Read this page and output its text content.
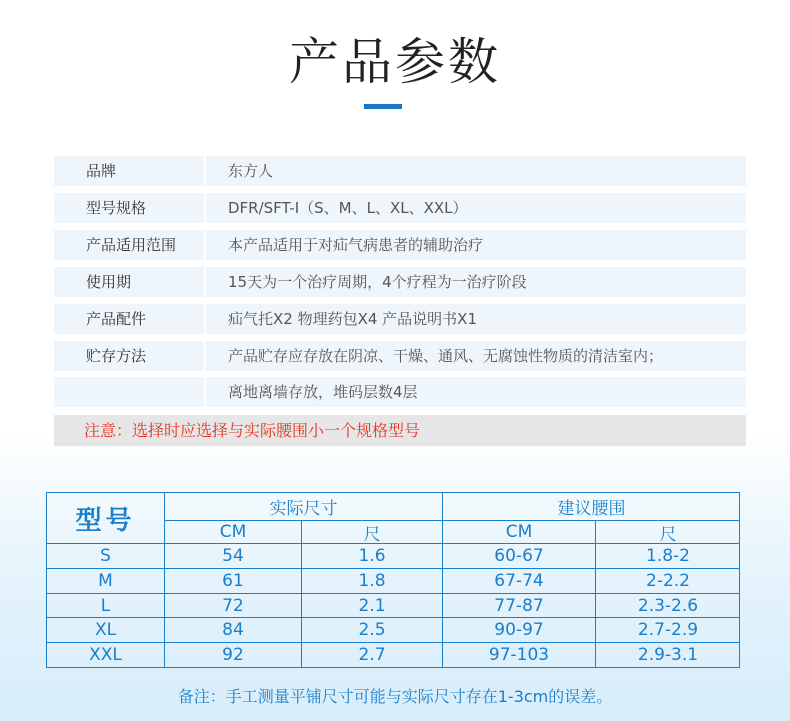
产品参数
品牌	东方人
型号规格	DFR/SFT-I（S、M、L、XL、XXL）
产品适用范围	本产品适用于对疝气病患者的辅助治疗
使用期	15天为一个治疗周期，4个疗程为一治疗阶段
产品配件	疝气托X2 物理药包X4 产品说明书X1
贮存方法	产品贮存应存放在阴凉、干燥、通风、无腐蚀性物质的清洁室内；
离地离墙存放，堆码层数4层
注意：选择时应选择与实际腰围小一个规格型号
型号	实际尺寸	建议腰围
CM	尺	CM	尺
S	54	1.6	60-67	1.8-2
M	61	1.8	67-74	2-2.2
L	72	2.1	77-87	2.3-2.6
XL	84	2.5	90-97	2.7-2.9
XXL	92	2.7	97-103	2.9-3.1
备注：手工测量平铺尺寸可能与实际尺寸存在1-3cm的误差。
